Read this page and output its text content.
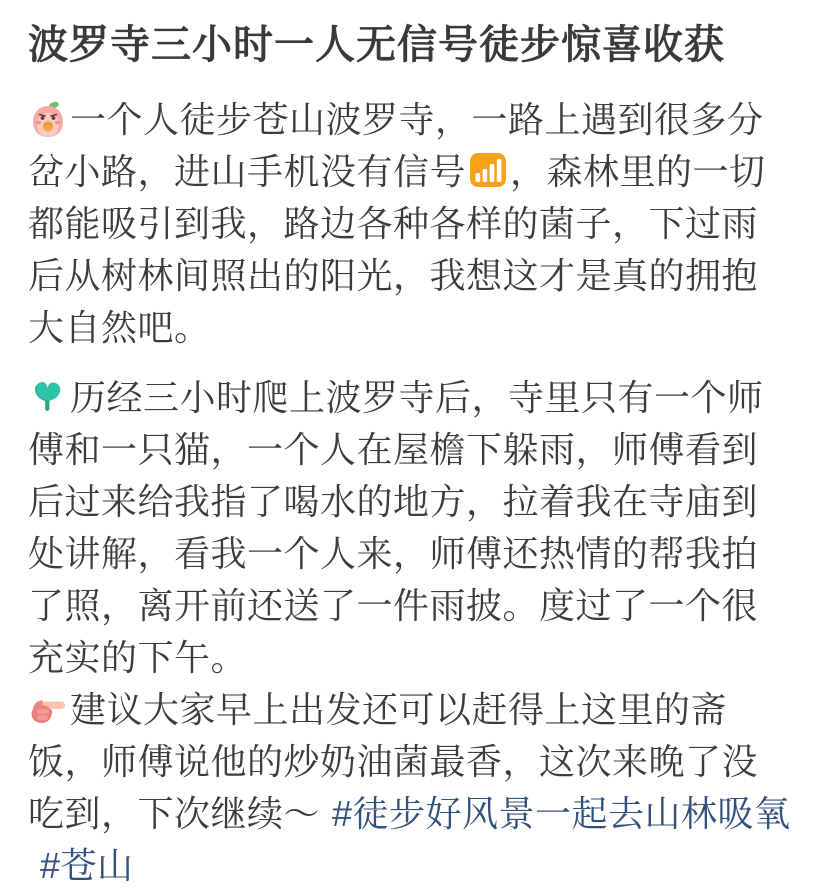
波罗寺三小时一人无信号徒步惊喜收获

一个人徒步苍山波罗寺，一路上遇到很多分岔小路，进山手机没有信号 ，森林里的一切都能吸引到我，路边各种各样的菌子，下过雨后从树林间照出的阳光，我想这才是真的拥抱大自然吧。

历经三小时爬上波罗寺后，寺里只有一个师傅和一只猫，一个人在屋檐下躲雨，师傅看到后过来给我指了喝水的地方，拉着我在寺庙到处讲解，看我一个人来，师傅还热情的帮我拍了照，离开前还送了一件雨披。度过了一个很充实的下午。

建议大家早上出发还可以赶得上这里的斋饭，师傅说他的炒奶油菌最香，这次来晚了没吃到，下次继续～ #徒步好风景一起去山林吸氧#苍山
